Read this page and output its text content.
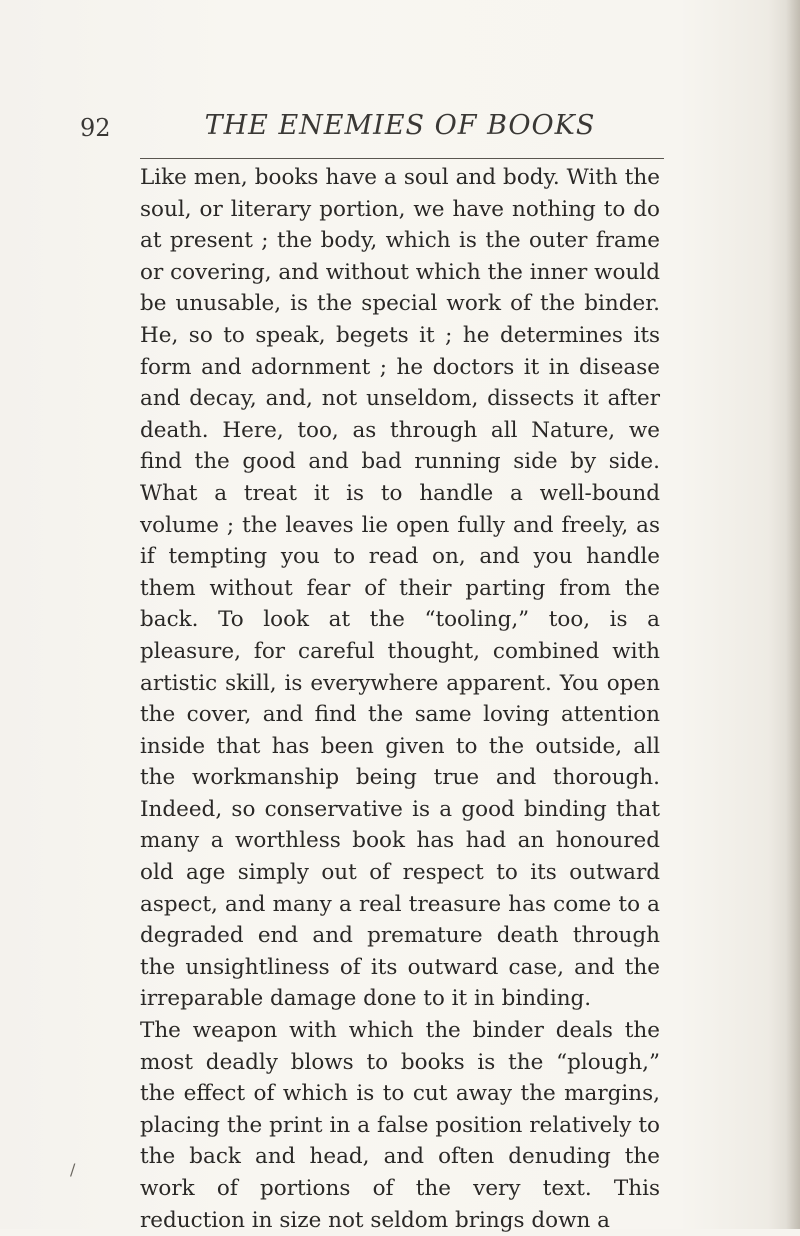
92	THE ENEMIES OF BOOKS

Like men, books have a soul and body. With the soul, or literary portion, we have nothing to do at present ; the body, which is the outer frame or covering, and without which the inner would be unusable, is the special work of the binder. He, so to speak, begets it ; he determines its form and adornment ; he doctors it in disease and decay, and, not unseldom, dissects it after death. Here, too, as through all Nature, we find the good and bad running side by side. What a treat it is to handle a well-bound volume ; the leaves lie open fully and freely, as if tempting you to read on, and you handle them without fear of their parting from the back. To look at the “tooling,” too, is a pleasure, for careful thought, combined with artistic skill, is everywhere apparent. You open the cover, and find the same loving attention inside that has been given to the outside, all the workmanship being true and thorough. Indeed, so conservative is a good binding that many a worthless book has had an honoured old age simply out of respect to its outward aspect, and many a real treasure has come to a degraded end and premature death through the unsightliness of its outward case, and the irreparable damage done to it in binding.

The weapon with which the binder deals the most deadly blows to books is the “plough,” the effect of which is to cut away the margins, placing the print in a false position relatively to the back and head, and often denuding the work of portions of the very text. This reduction in size not seldom brings down a

/
